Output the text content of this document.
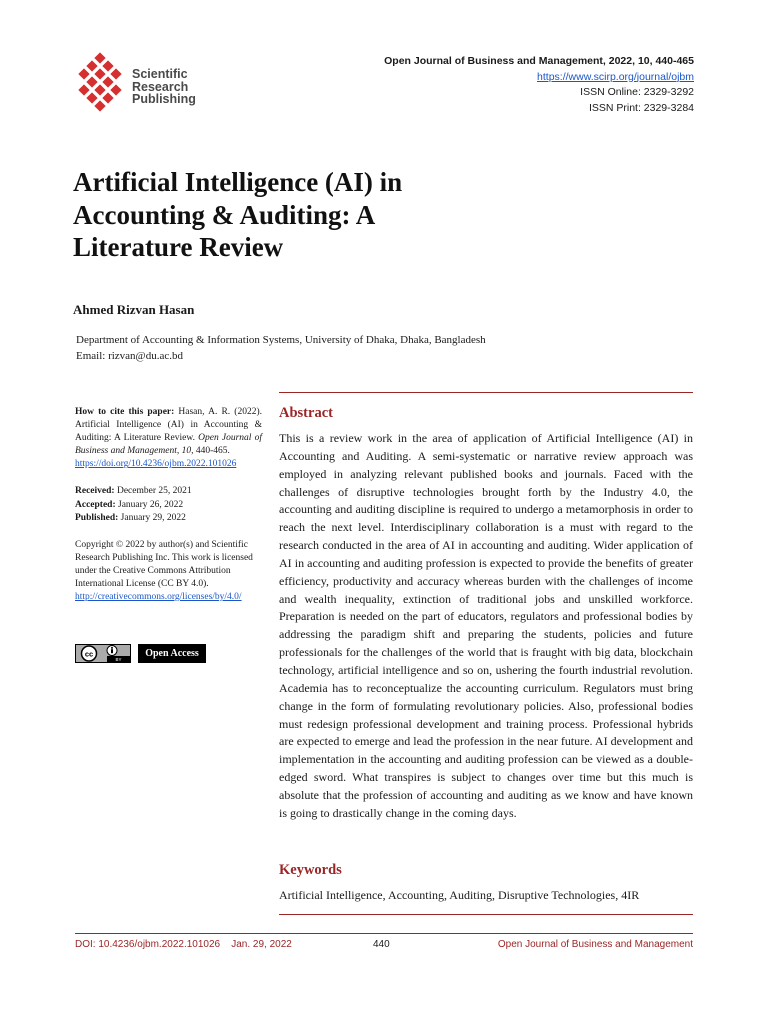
Scientific
Research
Publishing
Open Journal of Business and Management, 2022, 10, 440-465
https://www.scirp.org/journal/ojbm
ISSN Online: 2329-3292
ISSN Print: 2329-3284
Artificial Intelligence (AI) in Accounting & Auditing: A Literature Review
Ahmed Rizvan Hasan
Department of Accounting & Information Systems, University of Dhaka, Dhaka, Bangladesh
Email: rizvan@du.ac.bd
How to cite this paper: Hasan, A. R. (2022). Artificial Intelligence (AI) in Accounting & Auditing: A Literature Review. Open Journal of Business and Management, 10, 440-465.
https://doi.org/10.4236/ojbm.2022.101026
Received: December 25, 2021
Accepted: January 26, 2022
Published: January 29, 2022
Copyright © 2022 by author(s) and Scientific Research Publishing Inc. This work is licensed under the Creative Commons Attribution International License (CC BY 4.0).
http://creativecommons.org/licenses/by/4.0/
cc
BY
Open Access
Abstract

This is a review work in the area of application of Artificial Intelligence (AI) in Accounting and Auditing. A semi-systematic or narrative review approach was employed in analyzing relevant published books and journals. Faced with the challenges of disruptive technologies brought forth by the Industry 4.0, the accounting and auditing discipline is required to undergo a metamorphosis in order to reach the next level. Interdisciplinary collaboration is a must with regard to the research conducted in the area of AI in accounting and auditing. Wider application of AI in accounting and auditing profession is expected to provide the benefits of greater efficiency, productivity and accuracy whereas burden with the challenges of income and wealth inequality, extinction of traditional jobs and unskilled workforce. Preparation is needed on the part of educators, regulators and professional bodies by addressing the paradigm shift and preparing the students, policies and future professionals for the challenges of the world that is fraught with big data, blockchain technology, artificial intelligence and so on, ushering the fourth industrial revolution. Academia has to reconceptualize the accounting curriculum. Regulators must bring change in the form of formulating revolutionary policies. Also, professional bodies must redesign professional development and training process. Professional hybrids are expected to emerge and lead the profession in the near future. AI development and implementation in the accounting and auditing profession can be viewed as a double-edged sword. What transpires is subject to changes over time but this much is absolute that the profession of accounting and auditing as we know and have known is going to drastically change in the coming days.

Keywords
Artificial Intelligence, Accounting, Auditing, Disruptive Technologies, 4IR
DOI: 10.4236/ojbm.2022.101026    Jan. 29, 2022	440	Open Journal of Business and Management
